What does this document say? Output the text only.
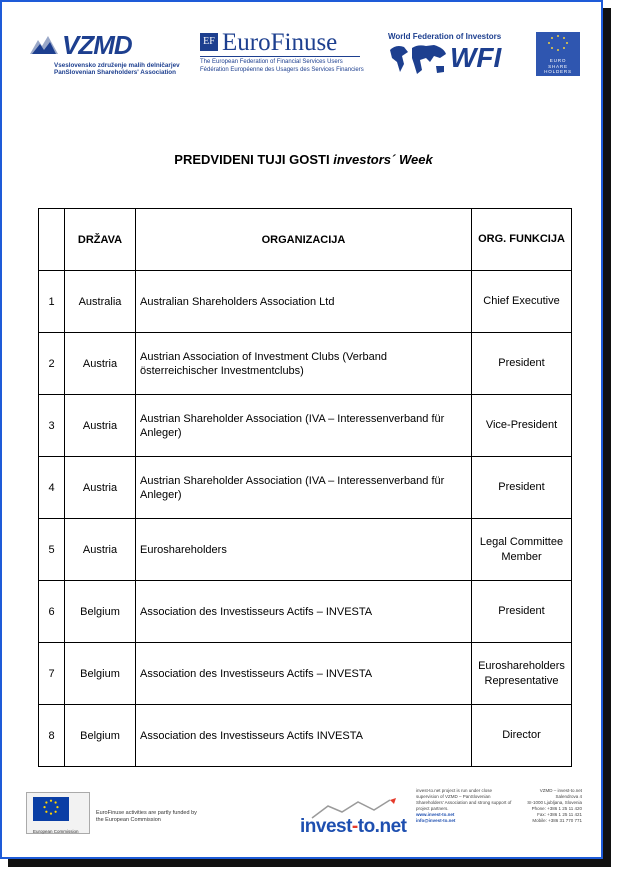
VZMD
Vseslovensko združenje malih delničarjev
PanSlovenian Shareholders' Association
EF EuroFinuse
The European Federation of Financial Services Users
Fédération Européenne des Usagers des Services Financiers
World Federation of Investors
WFI	EURO
SHARE
HOLDERS
PREDVIDENI TUJI GOSTI investors´ Week
	DRŽAVA	ORGANIZACIJA	ORG. FUNKCIJA
1	Australia	Australian Shareholders Association Ltd	Chief Executive
2	Austria	Austrian Association of Investment Clubs (Verband österreichischer Investmentclubs)	President
3	Austria	Austrian Shareholder Association (IVA – Interessenverband für Anleger)	Vice-President
4	Austria	Austrian Shareholder Association (IVA – Interessenverband für Anleger)	President
5	Austria	Euroshareholders	Legal Committee Member
6	Belgium	Association des Investisseurs Actifs – INVESTA	President
7	Belgium	Association des Investisseurs Actifs – INVESTA	Euroshareholders Representative
8	Belgium	Association des Investisseurs Actifs INVESTA	Director
European Commission
EuroFinuse activities are partly funded by the European Commission	invest-to.net
invest-to.net project is run under close supervision of VZMD – PanSlovenian Shareholders' Association and strong support of project partners.
www.invest-to.net
info@invest-to.net
VZMD – invest-to.net
Salendrova 4
SI-1000 Ljubljana, Slovenia
Phone: +386 1 25 11 420
Fax: +386 1 25 11 421
Mobile: +386 31 770 771
